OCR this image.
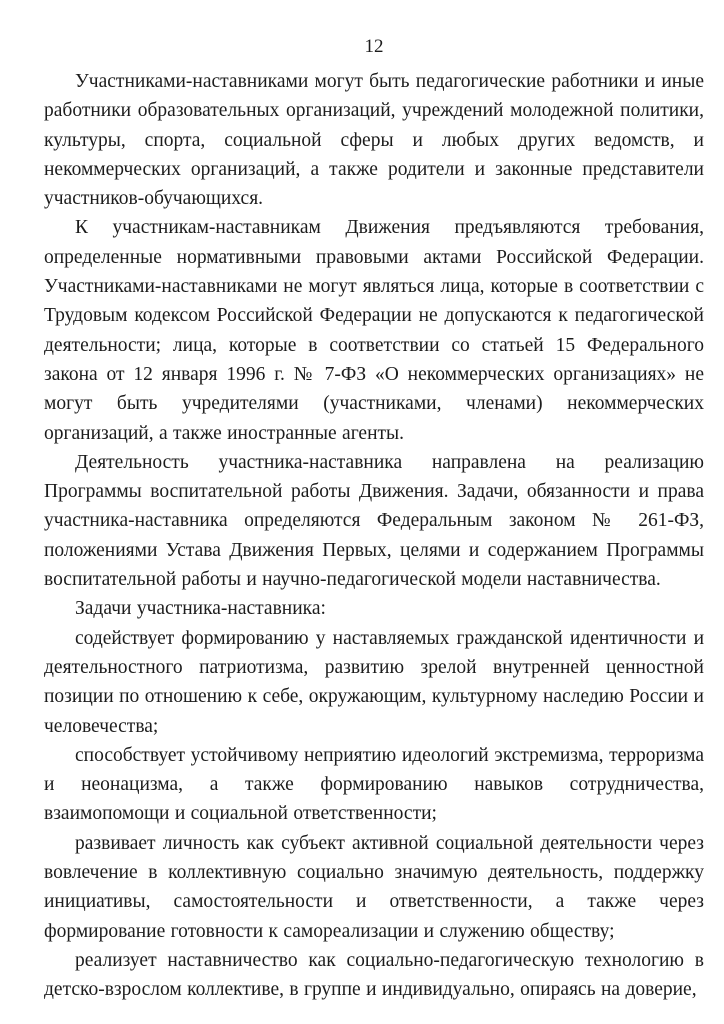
12

Участниками-наставниками могут быть педагогические работники и иные работники образовательных организаций, учреждений молодежной политики, культуры, спорта, социальной сферы и любых других ведомств, и некоммерческих организаций, а также родители и законные представители участников-обучающихся.

К участникам-наставникам Движения предъявляются требования, определенные нормативными правовыми актами Российской Федерации. Участниками-наставниками не могут являться лица, которые в соответствии с Трудовым кодексом Российской Федерации не допускаются к педагогической деятельности; лица, которые в соответствии со статьей 15 Федерального закона от 12 января 1996 г. № 7-ФЗ «О некоммерческих организациях» не могут быть учредителями (участниками, членами) некоммерческих организаций, а также иностранные агенты.

Деятельность участника-наставника направлена на реализацию Программы воспитательной работы Движения. Задачи, обязанности и права участника-наставника определяются Федеральным законом № 261-ФЗ, положениями Устава Движения Первых, целями и содержанием Программы воспитательной работы и научно-педагогической модели наставничества.

Задачи участника-наставника:

содействует формированию у наставляемых гражданской идентичности и деятельностного патриотизма, развитию зрелой внутренней ценностной позиции по отношению к себе, окружающим, культурному наследию России и человечества;

способствует устойчивому неприятию идеологий экстремизма, терроризма и неонацизма, а также формированию навыков сотрудничества, взаимопомощи и социальной ответственности;

развивает личность как субъект активной социальной деятельности через вовлечение в коллективную социально значимую деятельность, поддержку инициативы, самостоятельности и ответственности, а также через формирование готовности к самореализации и служению обществу;

реализует наставничество как социально-педагогическую технологию в детско-взрослом коллективе, в группе и индивидуально, опираясь на доверие,
